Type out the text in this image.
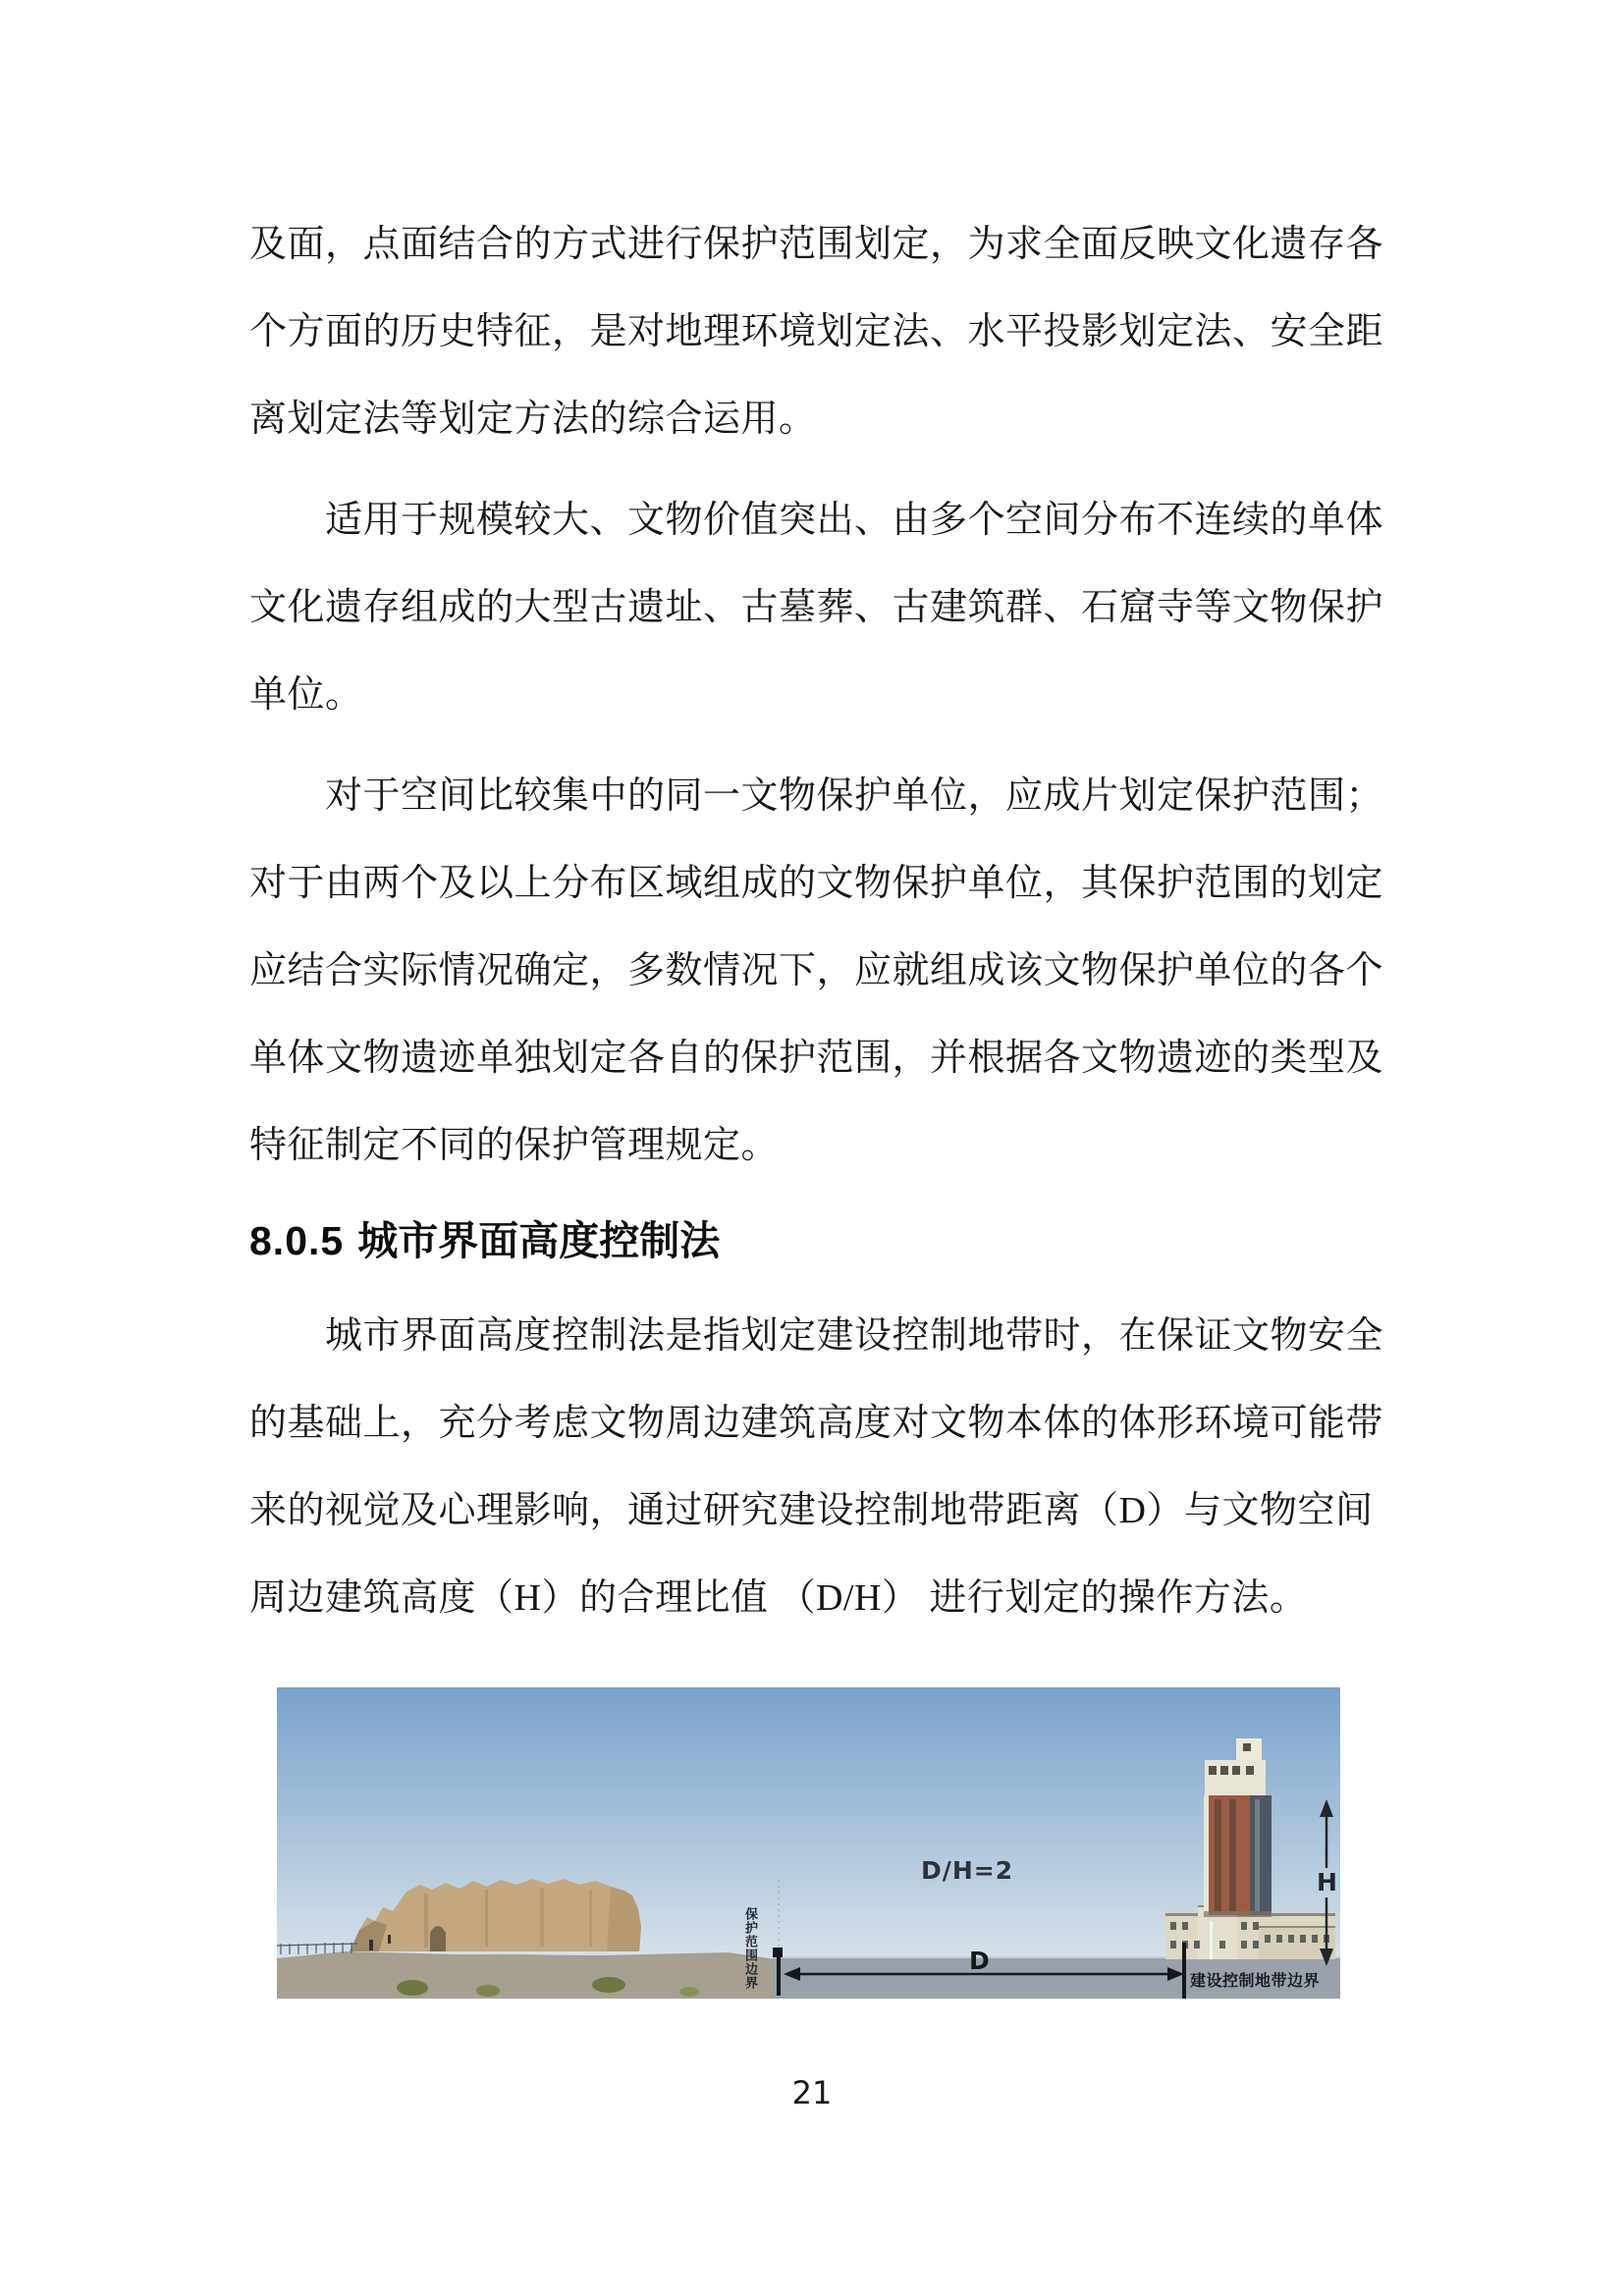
及面，点面结合的方式进行保护范围划定，为求全面反映文化遗存各
个方面的历史特征，是对地理环境划定法、水平投影划定法、安全距
离划定法等划定方法的综合运用。
适用于规模较大、文物价值突出、由多个空间分布不连续的单体
文化遗存组成的大型古遗址、古墓葬、古建筑群、石窟寺等文物保护
单位。
对于空间比较集中的同一文物保护单位，应成片划定保护范围；
对于由两个及以上分布区域组成的文物保护单位，其保护范围的划定
应结合实际情况确定，多数情况下，应就组成该文物保护单位的各个
单体文物遗迹单独划定各自的保护范围，并根据各文物遗迹的类型及
特征制定不同的保护管理规定。
8.0.5 城市界面高度控制法
城市界面高度控制法是指划定建设控制地带时，在保证文物安全
的基础上，充分考虑文物周边建筑高度对文物本体的体形环境可能带
来的视觉及心理影响，通过研究建设控制地带距离（D）与文物空间
周边建筑高度（H）的合理比值 （D/H） 进行划定的操作方法。
D/H=2
D
H
保护范围边界	建设控制地带边界
21
